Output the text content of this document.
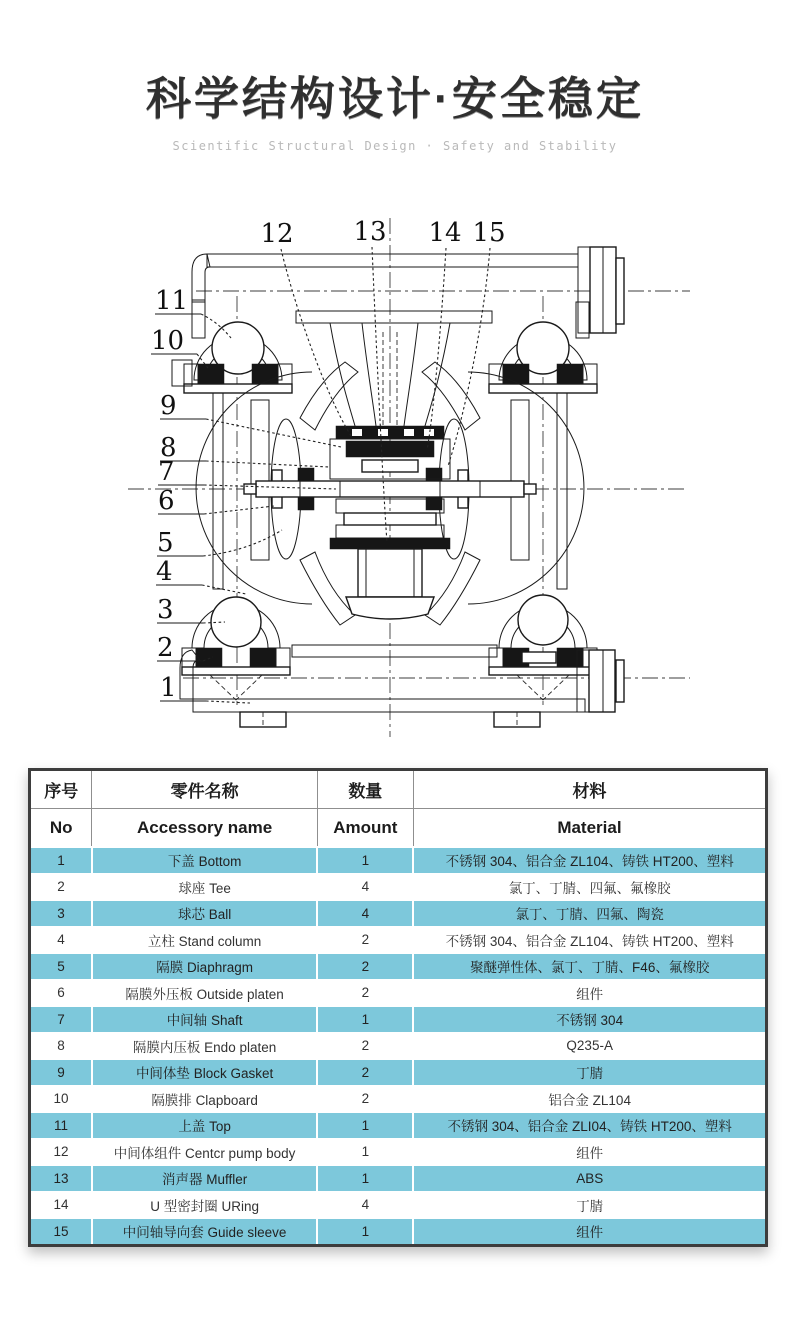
科学结构设计·安全稳定
Scientific Structural Design · Safety and Stability
12 13 14 15
11
10
9
8
7
6
5
4
3
2
1
序号	零件名称	数量	材料
No	Accessory name	Amount	Material
1	下盖 Bottom	1	不锈钢 304、铝合金 ZL104、铸铁 HT200、塑料
2	球座 Tee	4	氯丁、丁腈、四氟、氟橡胶
3	球芯 Ball	4	氯丁、丁腈、四氟、陶瓷
4	立柱 Stand column	2	不锈钢 304、铝合金 ZL104、铸铁 HT200、塑料
5	隔膜 Diaphragm	2	聚醚弹性体、氯丁、丁腈、F46、氟橡胶
6	隔膜外压板 Outside platen	2	组件
7	中间轴 Shaft	1	不锈钢 304
8	隔膜内压板 Endo platen	2	Q235-A
9	中间体垫 Block Gasket	2	丁腈
10	隔膜排 Clapboard	2	铝合金 ZL104
11	上盖 Top	1	不锈钢 304、铝合金 ZLI04、铸铁 HT200、塑料
12	中间体组件 Centcr pump body	1	组件
13	消声器 Muffler	1	ABS
14	U 型密封圈 URing	4	丁腈
15	中问轴导向套 Guide sleeve	1	组件
